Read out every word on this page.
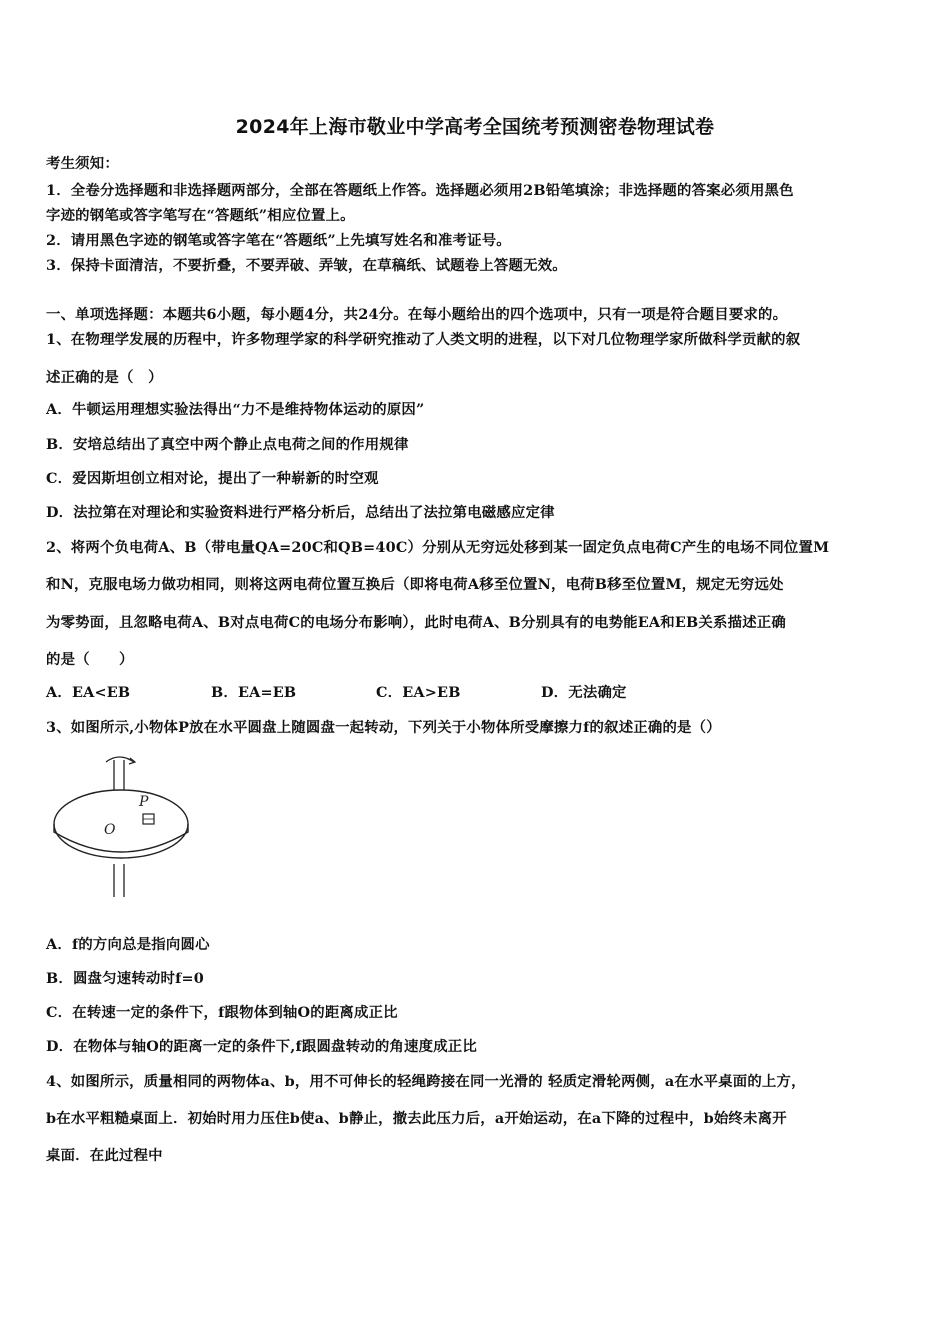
2024年上海市敬业中学高考全国统考预测密卷物理试卷
考生须知：
1．全卷分选择题和非选择题两部分，全部在答题纸上作答。选择题必须用2B铅笔填涂；非选择题的答案必须用黑色
字迹的钢笔或答字笔写在“答题纸”相应位置上。
2．请用黑色字迹的钢笔或答字笔在“答题纸”上先填写姓名和准考证号。
3．保持卡面清洁，不要折叠，不要弄破、弄皱，在草稿纸、试题卷上答题无效。
一、单项选择题：本题共6小题，每小题4分，共24分。在每小题给出的四个选项中，只有一项是符合题目要求的。
1、在物理学发展的历程中，许多物理学家的科学研究推动了人类文明的进程，以下对几位物理学家所做科学贡献的叙
述正确的是（　）
A．牛顿运用理想实验法得出“力不是维持物体运动的原因”
B．安培总结出了真空中两个静止点电荷之间的作用规律
C．爱因斯坦创立相对论，提出了一种崭新的时空观
D．法拉第在对理论和实验资料进行严格分析后，总结出了法拉第电磁感应定律
2、将两个负电荷A、B（带电量QA=20C和QB=40C）分别从无穷远处移到某一固定负点电荷C产生的电场不同位置M
和N，克服电场力做功相同，则将这两电荷位置互换后（即将电荷A移至位置N，电荷B移至位置M，规定无穷远处
为零势面，且忽略电荷A、B对点电荷C的电场分布影响），此时电荷A、B分别具有的电势能EA和EB关系描述正确
的是（　　）
A．EA<EB	B．EA=EB	C．EA>EB	D．无法确定
3、如图所示,小物体P放在水平圆盘上随圆盘一起转动，下列关于小物体所受摩擦力f的叙述正确的是（）
P
O
A．f的方向总是指向圆心
B．圆盘匀速转动时f=0
C．在转速一定的条件下，f跟物体到轴O的距离成正比
D．在物体与轴O的距离一定的条件下,f跟圆盘转动的角速度成正比
4、如图所示，质量相同的两物体a、b，用不可伸长的轻绳跨接在同一光滑的 轻质定滑轮两侧，a在水平桌面的上方，
b在水平粗糙桌面上．初始时用力压住b使a、b静止，撤去此压力后，a开始运动，在a下降的过程中，b始终未离开
桌面．在此过程中
